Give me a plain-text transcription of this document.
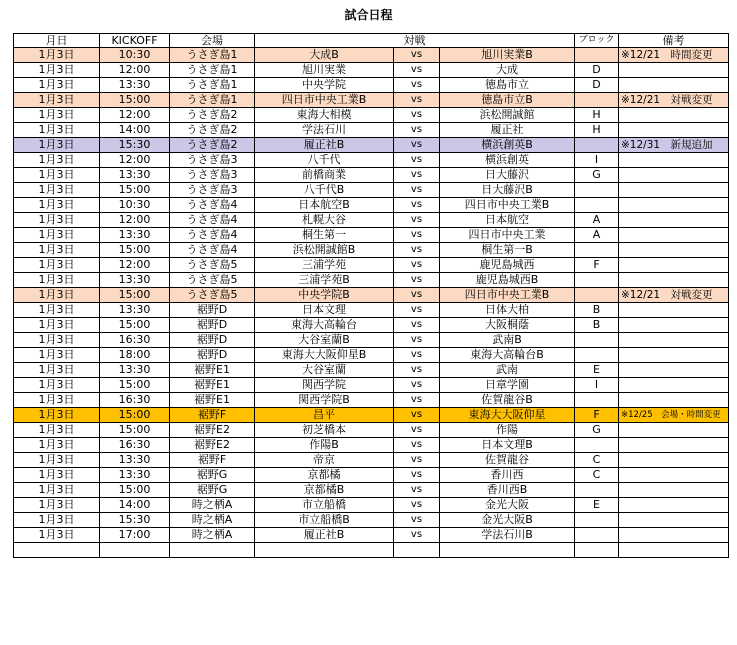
試合日程
月日	KICKOFF	会場	対戦			ブロック	備考
1月3日	10:30	うさぎ島1	大成B	vs	旭川実業B		※12/21　時間変更
1月3日	12:00	うさぎ島1	旭川実業	vs	大成	D	
1月3日	13:30	うさぎ島1	中央学院	vs	徳島市立	D	
1月3日	15:00	うさぎ島1	四日市中央工業B	vs	徳島市立B		※12/21　対戦変更
1月3日	12:00	うさぎ島2	東海大相模	vs	浜松開誠館	H	
1月3日	14:00	うさぎ島2	学法石川	vs	履正社	H	
1月3日	15:30	うさぎ島2	履正社B	vs	横浜創英B		※12/31　新規追加
1月3日	12:00	うさぎ島3	八千代	vs	横浜創英	I	
1月3日	13:30	うさぎ島3	前橋商業	vs	日大藤沢	G	
1月3日	15:00	うさぎ島3	八千代B	vs	日大藤沢B		
1月3日	10:30	うさぎ島4	日本航空B	vs	四日市中央工業B		
1月3日	12:00	うさぎ島4	札幌大谷	vs	日本航空	A	
1月3日	13:30	うさぎ島4	桐生第一	vs	四日市中央工業	A	
1月3日	15:00	うさぎ島4	浜松開誠館B	vs	桐生第一B		
1月3日	12:00	うさぎ島5	三浦学苑	vs	鹿児島城西	F	
1月3日	13:30	うさぎ島5	三浦学苑B	vs	鹿児島城西B		
1月3日	15:00	うさぎ島5	中央学院B	vs	四日市中央工業B		※12/21　対戦変更
1月3日	13:30	裾野D	日本文理	vs	日体大柏	B	
1月3日	15:00	裾野D	東海大高輪台	vs	大阪桐蔭	B	
1月3日	16:30	裾野D	大谷室蘭B	vs	武南B		
1月3日	18:00	裾野D	東海大大阪仰星B	vs	東海大高輪台B		
1月3日	13:30	裾野E1	大谷室蘭	vs	武南	E	
1月3日	15:00	裾野E1	関西学院	vs	日章学園	I	
1月3日	16:30	裾野E1	関西学院B	vs	佐賀龍谷B		
1月3日	15:00	裾野F	昌平	vs	東海大大阪仰星	F	※12/25　会場・時間変更
1月3日	15:00	裾野E2	初芝橋本	vs	作陽	G	
1月3日	16:30	裾野E2	作陽B	vs	日本文理B		
1月3日	13:30	裾野F	帝京	vs	佐賀龍谷	C	
1月3日	13:30	裾野G	京都橘	vs	香川西	C	
1月3日	15:00	裾野G	京都橘B	vs	香川西B		
1月3日	14:00	時之栖A	市立船橋	vs	金光大阪	E	
1月3日	15:30	時之栖A	市立船橋B	vs	金光大阪B		
1月3日	17:00	時之栖A	履正社B	vs	学法石川B		
